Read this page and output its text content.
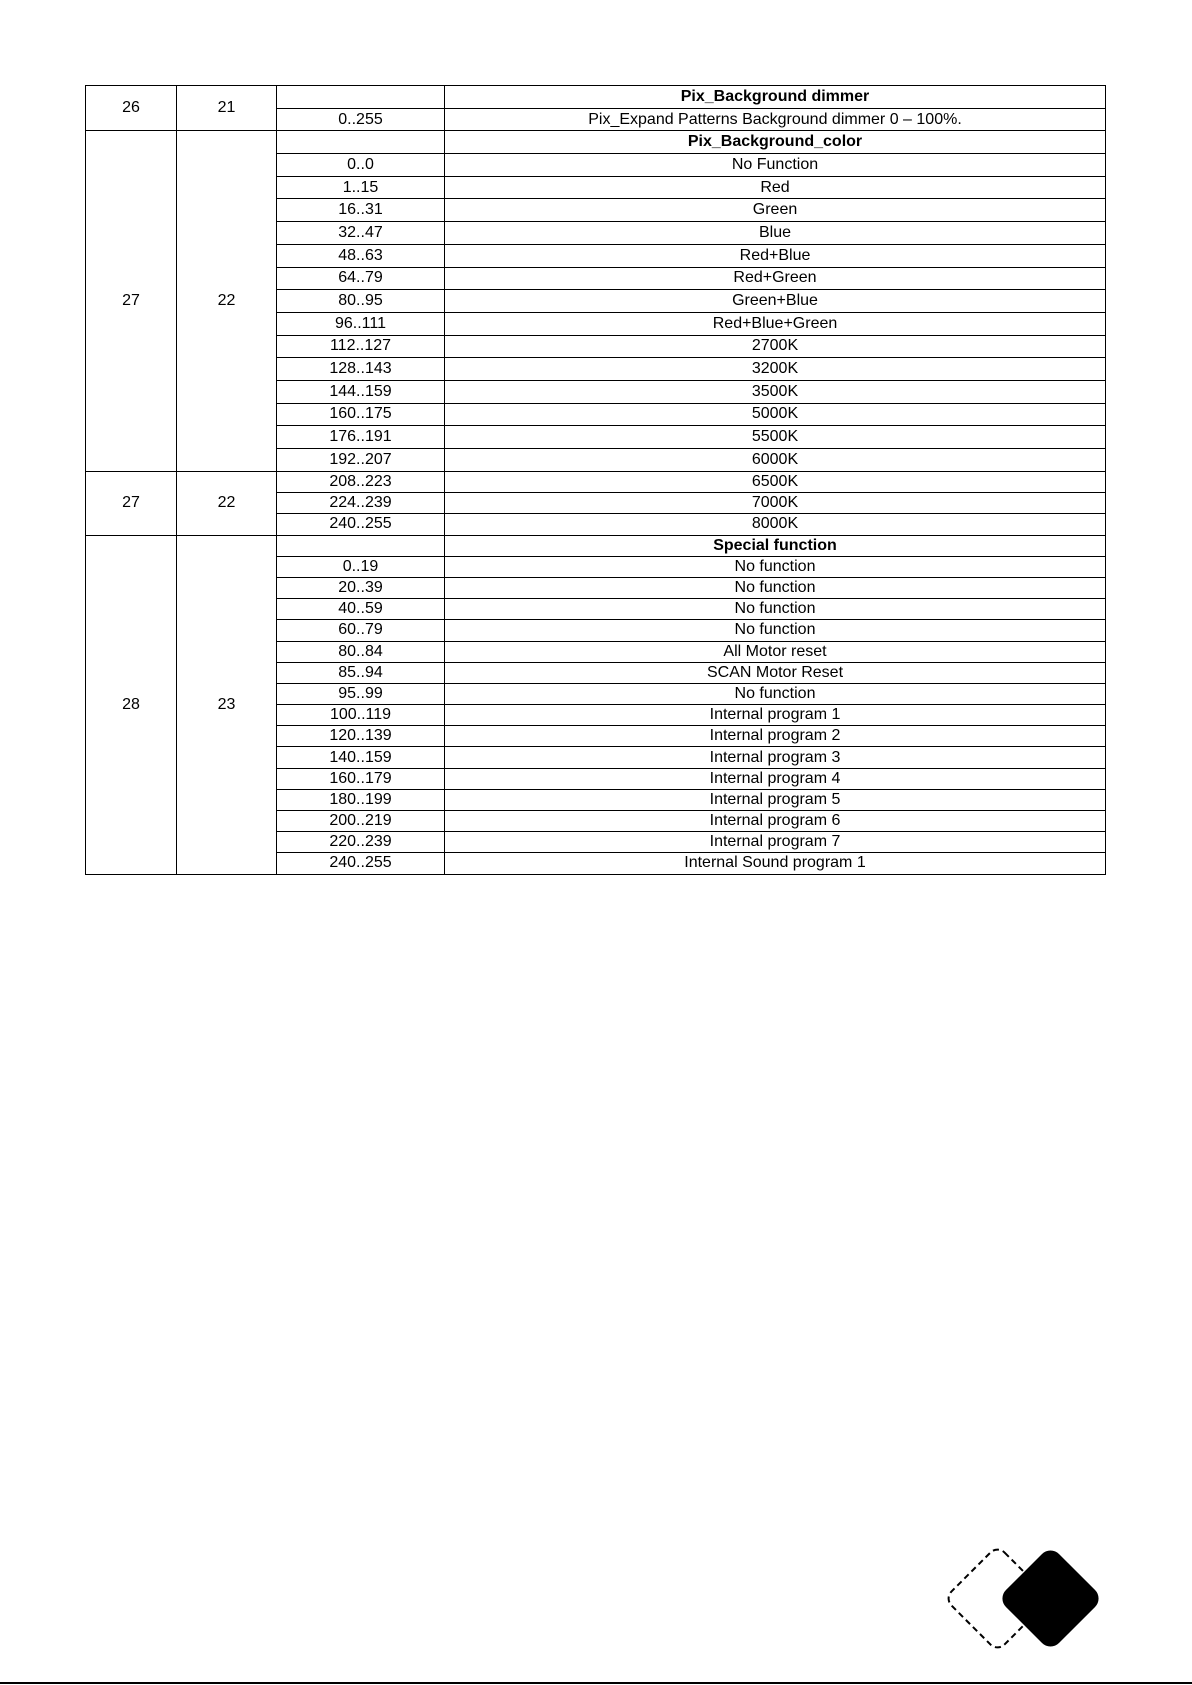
26	21		Pix_Background dimmer
		0..255	Pix_Expand Patterns Background dimmer 0 – 100%.
27	22		Pix_Background_color
		0..0	No Function
		1..15	Red
		16..31	Green
		32..47	Blue
		48..63	Red+Blue
		64..79	Red+Green
		80..95	Green+Blue
		96..111	Red+Blue+Green
		112..127	2700K
		128..143	3200K
		144..159	3500K
		160..175	5000K
		176..191	5500K
		192..207	6000K
27	22	208..223	6500K
		224..239	7000K
		240..255	8000K
28	23		Special function
		0..19	No function
		20..39	No function
		40..59	No function
		60..79	No function
		80..84	All Motor reset
		85..94	SCAN Motor Reset
		95..99	No function
		100..119	Internal program 1
		120..139	Internal program 2
		140..159	Internal program 3
		160..179	Internal program 4
		180..199	Internal program 5
		200..219	Internal program 6
		220..239	Internal program 7
		240..255	Internal Sound program 1
